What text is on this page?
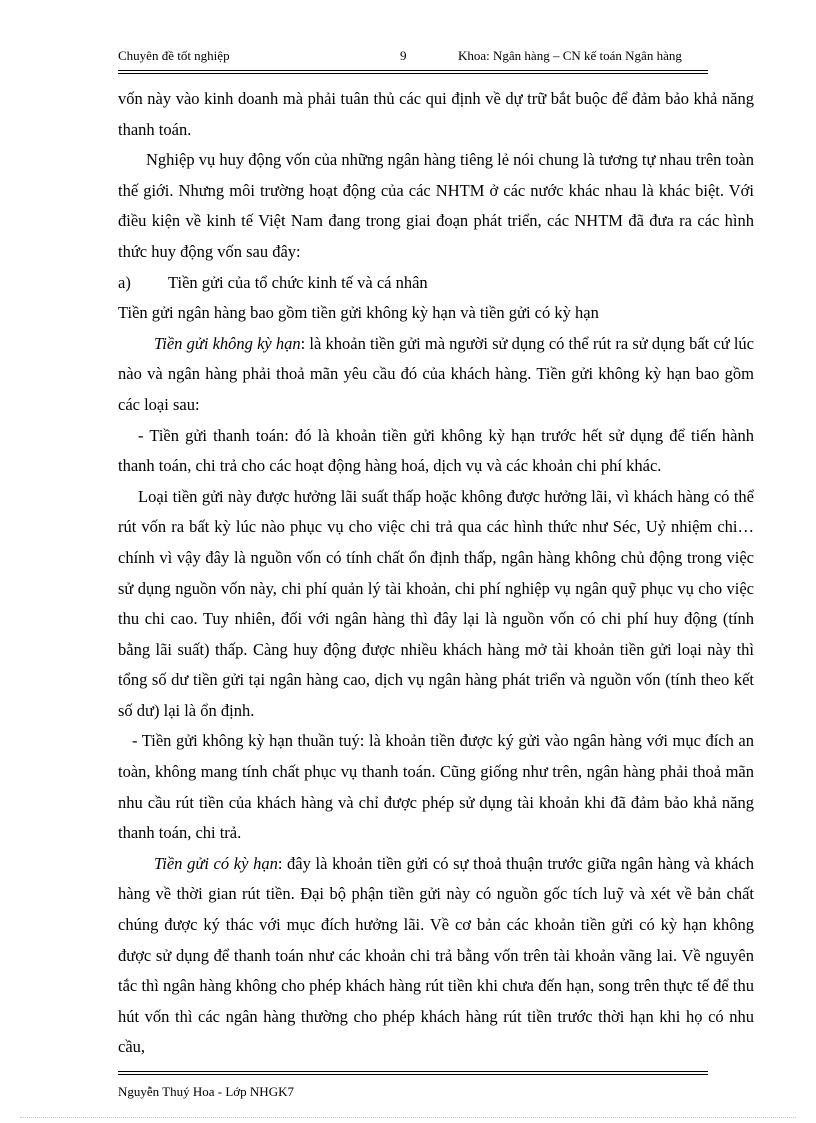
Chuyên đề tốt nghiệp	9	Khoa: Ngân hàng – CN kế toán Ngân hàng

vốn này vào kinh doanh mà phải tuân thủ các qui định về dự trữ bắt buộc để đảm bảo khả năng thanh toán.

Nghiệp vụ huy động vốn của những ngân hàng tiêng lẻ nói chung là tương tự nhau trên toàn thế giới. Nhưng môi trường hoạt động của các NHTM ở các nước khác nhau là khác biệt. Với điều kiện về kinh tế Việt Nam đang trong giai đoạn phát triển, các NHTM đã đưa ra các hình thức huy động vốn sau đây:

a)	Tiền gửi của tổ chức kinh tế và cá nhân

Tiền gửi ngân hàng bao gồm tiền gửi không kỳ hạn và tiền gửi có kỳ hạn

Tiền gửi không kỳ hạn: là khoản tiền gửi mà người sử dụng có thể rút ra sử dụng bất cứ lúc nào và ngân hàng phải thoả mãn yêu cầu đó của khách hàng. Tiền gửi không kỳ hạn bao gồm các loại sau:

- Tiền gửi thanh toán: đó là khoản tiền gửi không kỳ hạn trước hết sử dụng để tiến hành thanh toán, chi trả cho các hoạt động hàng hoá, dịch vụ và các khoản chi phí khác.

Loại tiền gửi này được hưởng lãi suất thấp hoặc không được hưởng lãi, vì khách hàng có thể rút vốn ra bất kỳ lúc nào phục vụ cho việc chi trả qua các hình thức như Séc, Uỷ nhiệm chi…chính vì vậy đây là nguồn vốn có tính chất ổn định thấp, ngân hàng không chủ động trong việc sử dụng nguồn vốn này, chi phí quản lý tài khoản, chi phí nghiệp vụ ngân quỹ phục vụ cho việc thu chi cao. Tuy nhiên, đối với ngân hàng thì đây lại là nguồn vốn có chi phí huy động (tính bằng lãi suất) thấp. Càng huy động được nhiều khách hàng mở tài khoản tiền gửi loại này thì tổng số dư tiền gửi tại ngân hàng cao, dịch vụ ngân hàng phát triển và nguồn vốn (tính theo kết số dư) lại là ổn định.

- Tiền gửi không kỳ hạn thuần tuý: là khoản tiền được ký gửi vào ngân hàng với mục đích an toàn, không mang tính chất phục vụ thanh toán. Cũng giống như trên, ngân hàng phải thoả mãn nhu cầu rút tiền của khách hàng và chỉ được phép sử dụng tài khoản khi đã đảm bảo khả năng thanh toán, chi trả.

Tiền gửi có kỳ hạn: đây là khoản tiền gửi có sự thoả thuận trước giữa ngân hàng và khách hàng về thời gian rút tiền. Đại bộ phận tiền gửi này có nguồn gốc tích luỹ và xét về bản chất chúng được ký thác với mục đích hưởng lãi. Về cơ bản các khoản tiền gửi có kỳ hạn không được sử dụng để thanh toán như các khoản chi trả bằng vốn trên tài khoản vãng lai. Về nguyên tắc thì ngân hàng không cho phép khách hàng rút tiền khi chưa đến hạn, song trên thực tế để thu hút vốn thì các ngân hàng thường cho phép khách hàng rút tiền trước thời hạn khi họ có nhu cầu,

Nguyễn Thuý Hoa - Lớp NHGK7
